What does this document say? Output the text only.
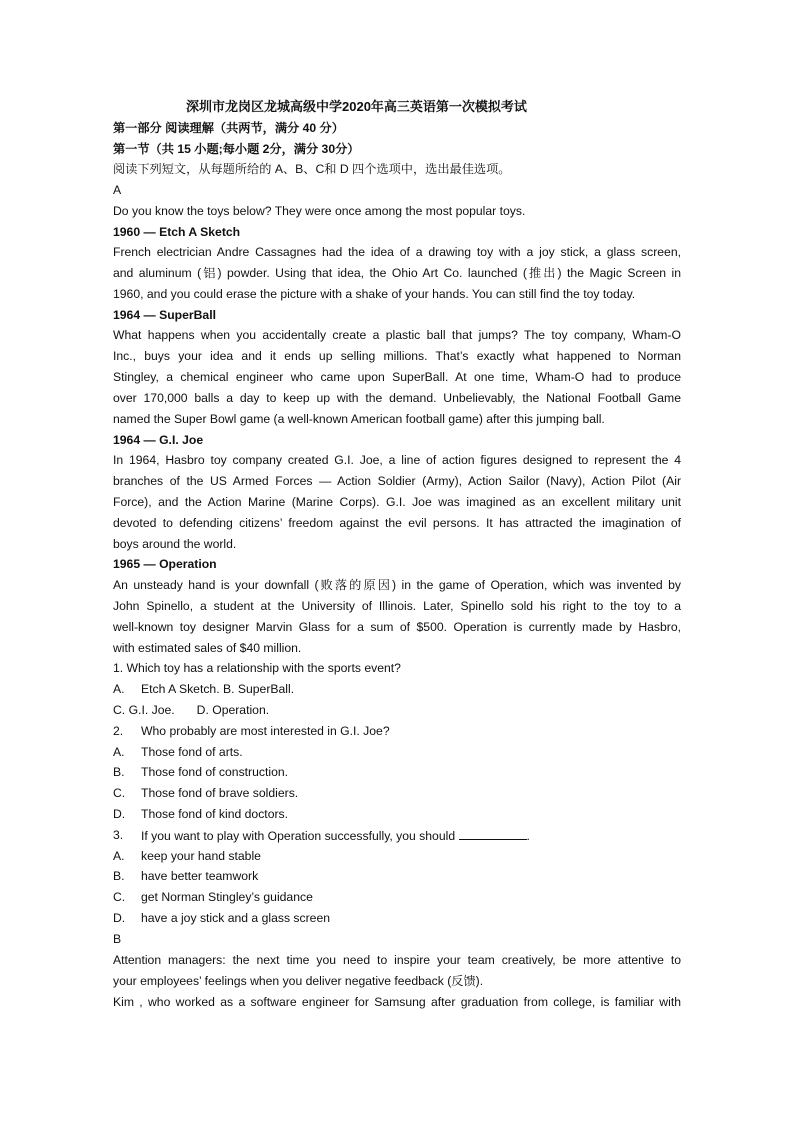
深圳市龙岗区龙城高级中学2020年高三英语第一次模拟考试
第一部分 阅读理解（共两节，满分 40 分）
第一节（共 15 小题;每小题 2分，满分 30分）
阅读下列短文，从每题所给的 A、B、C和 D 四个选项中，选出最佳选项。
A
Do you know the toys below? They were once among the most popular toys.
1960 — Etch A Sketch
French electrician Andre Cassagnes had the idea of a drawing toy with a joy stick, a glass screen,
and aluminum (铝) powder. Using that idea, the Ohio Art Co. launched (推出) the Magic Screen in
1960, and you could erase the picture with a shake of your hands. You can still find the toy today.
1964 — SuperBall
What happens when you accidentally create a plastic ball that jumps? The toy company, Wham-O
Inc., buys your idea and it ends up selling millions. That’s exactly what happened to Norman
Stingley, a chemical engineer who came upon SuperBall. At one time, Wham-O had to produce
over 170,000 balls a day to keep up with the demand. Unbelievably, the National Football Game
named the Super Bowl game (a well-known American football game) after this jumping ball.
1964 — G.I. Joe
In 1964, Hasbro toy company created G.I. Joe, a line of action figures designed to represent the 4
branches of the US Armed Forces — Action Soldier (Army), Action Sailor (Navy), Action Pilot (Air
Force), and the Action Marine (Marine Corps). G.I. Joe was imagined as an excellent military unit
devoted to defending citizens’ freedom against the evil persons. It has attracted the imagination of
boys around the world.
1965 — Operation
An unsteady hand is your downfall (败落的原因) in the game of Operation, which was invented by
John Spinello, a student at the University of Illinois. Later, Spinello sold his right to the toy to a
well-known toy designer Marvin Glass for a sum of $500. Operation is currently made by Hasbro,
with estimated sales of $40 million.
1. Which toy has a relationship with the sports event?
A. Etch A Sketch. B. SuperBall.
C. G.I. Joe. D. Operation.
2. Who probably are most interested in G.I. Joe?
A. Those fond of arts.
B. Those fond of construction.
C. Those fond of brave soldiers.
D. Those fond of kind doctors.
3. If you want to play with Operation successfully, you should	.
A. keep your hand stable
B. have better teamwork
C. get Norman Stingley’s guidance
D. have a joy stick and a glass screen
B
Attention managers: the next time you need to inspire your team creatively, be more attentive to
your employees’ feelings when you deliver negative feedback (反馈).
Kim , who worked as a software engineer for Samsung after graduation from college, is familiar with
